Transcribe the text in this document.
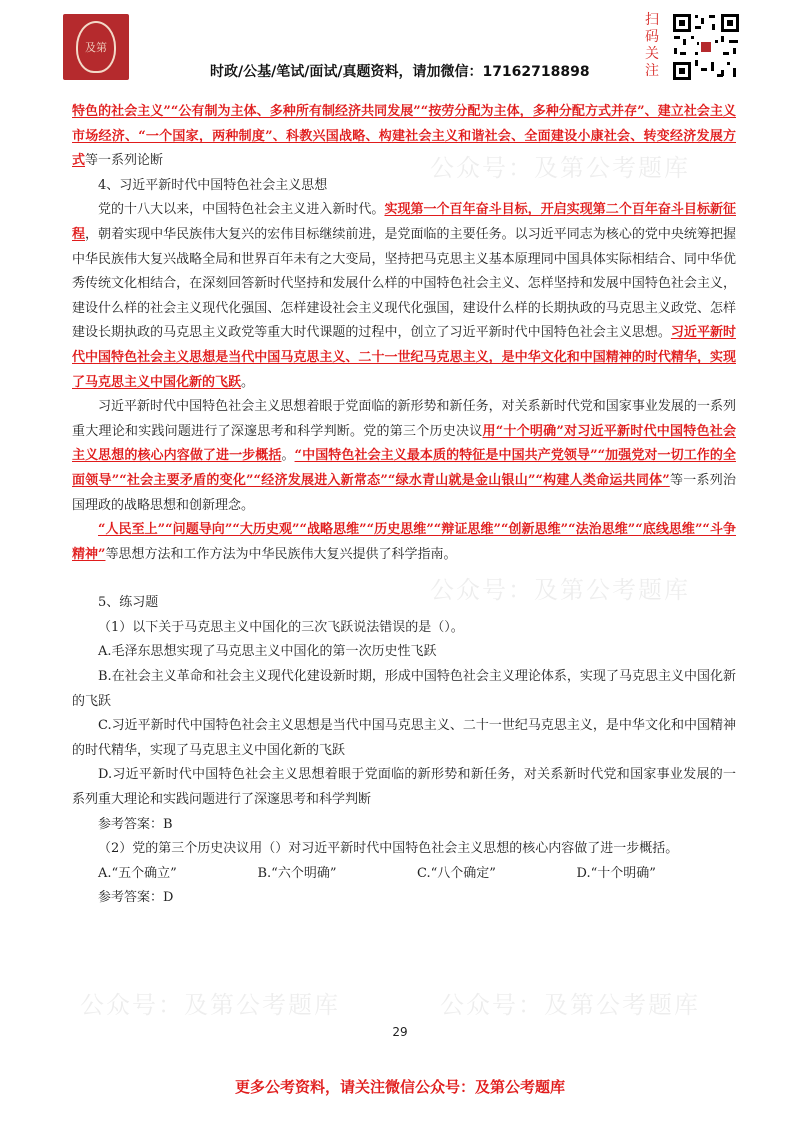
及第
时政/公基/笔试/面试/真题资料，请加微信：17162718898
扫码关注
公众号：及第公考题库
公众号：及第公考题库
公众号：及第公考题库	公众号：及第公考题库

特色的社会主义”“公有制为主体、多种所有制经济共同发展”“按劳分配为主体，多种分配方式并存”、建立社会主义市场经济、“一个国家，两种制度”、科教兴国战略、构建社会主义和谐社会、全面建设小康社会、转变经济发展方式等一系列论断

4、习近平新时代中国特色社会主义思想

党的十八大以来，中国特色社会主义进入新时代。实现第一个百年奋斗目标，开启实现第二个百年奋斗目标新征程，朝着实现中华民族伟大复兴的宏伟目标继续前进，是党面临的主要任务。以习近平同志为核心的党中央统筹把握中华民族伟大复兴战略全局和世界百年未有之大变局，坚持把马克思主义基本原理同中国具体实际相结合、同中华优秀传统文化相结合，在深刻回答新时代坚持和发展什么样的中国特色社会主义、怎样坚持和发展中国特色社会主义，建设什么样的社会主义现代化强国、怎样建设社会主义现代化强国，建设什么样的长期执政的马克思主义政党、怎样建设长期执政的马克思主义政党等重大时代课题的过程中，创立了习近平新时代中国特色社会主义思想。习近平新时代中国特色社会主义思想是当代中国马克思主义、二十一世纪马克思主义，是中华文化和中国精神的时代精华，实现了马克思主义中国化新的飞跃。

习近平新时代中国特色社会主义思想着眼于党面临的新形势和新任务，对关系新时代党和国家事业发展的一系列重大理论和实践问题进行了深邃思考和科学判断。党的第三个历史决议用“十个明确”对习近平新时代中国特色社会主义思想的核心内容做了进一步概括。“中国特色社会主义最本质的特征是中国共产党领导”“加强党对一切工作的全面领导”“社会主要矛盾的变化”“经济发展进入新常态”“绿水青山就是金山银山”“构建人类命运共同体”等一系列治国理政的战略思想和创新理念。

“人民至上”“问题导向”“大历史观”“战略思维”“历史思维”“辩证思维”“创新思维”“法治思维”“底线思维”“斗争精神”等思想方法和工作方法为中华民族伟大复兴提供了科学指南。

5、练习题

（1）以下关于马克思主义中国化的三次飞跃说法错误的是（）。

A.毛泽东思想实现了马克思主义中国化的第一次历史性飞跃

B.在社会主义革命和社会主义现代化建设新时期，形成中国特色社会主义理论体系，实现了马克思主义中国化新的飞跃

C.习近平新时代中国特色社会主义思想是当代中国马克思主义、二十一世纪马克思主义，是中华文化和中国精神的时代精华，实现了马克思主义中国化新的飞跃

D.习近平新时代中国特色社会主义思想着眼于党面临的新形势和新任务，对关系新时代党和国家事业发展的一系列重大理论和实践问题进行了深邃思考和科学判断

参考答案：B

（2）党的第三个历史决议用（）对习近平新时代中国特色社会主义思想的核心内容做了进一步概括。

A.“五个确立”	B.“六个明确”	C.“八个确定”	D.“十个明确”

参考答案：D

29
更多公考资料，请关注微信公众号：及第公考题库
